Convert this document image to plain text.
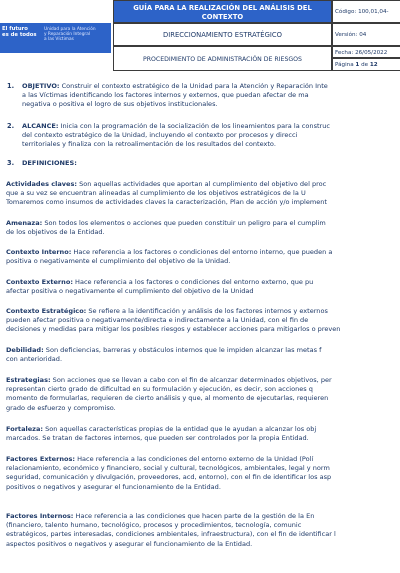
El futuro
es de todos
Unidad para la Atención
y Reparación Integral
a las Víctimas
GUÍA PARA LA REALIZACIÓN DEL ANÁLISIS DEL
CONTEXTO
DIRECCIONAMIENTO ESTRATÉGICO
PROCEDIMIENTO DE ADMINISTRACIÓN DE RIESGOS
Código: 100,01,04-
Versión: 04
Fecha: 26/05/2022
Página 1 de 12
1. OBJETIVO: Construir el contexto estratégico de la Unidad para la Atención y Reparación Inte
a las Víctimas identificando los factores internos y externos, que puedan afectar de ma
negativa o positiva el logro de sus objetivos institucionales.
2. ALCANCE: Inicia con la programación de la socialización de los lineamientos para la construc
del contexto estratégico de la Unidad, incluyendo el contexto por procesos y direcci
territoriales y finaliza con la retroalimentación de los resultados del contexto.
3. DEFINICIONES:
Actividades claves: Son aquellas actividades que aportan al cumplimiento del objetivo del proc
que a su vez se encuentran alineadas al cumplimiento de los objetivos estratégicos de la U
Tomaremos como insumos de actividades claves la caracterización, Plan de acción y/o implement
Amenaza: Son todos los elementos o acciones que pueden constituir un peligro para el cumplim
de los objetivos de la Entidad.
Contexto Interno: Hace referencia a los factores o condiciones del entorno interno, que pueden a
positiva o negativamente el cumplimiento del objetivo de la Unidad.
Contexto Externo: Hace referencia a los factores o condiciones del entorno externo, que pu
afectar positiva o negativamente el cumplimiento del objetivo de la Unidad
Contexto Estratégico: Se refiere a la identificación y análisis de los factores internos y externos
pueden afectar positiva o negativamente/directa e indirectamente a la Unidad, con el fin de
decisiones y medidas para mitigar los posibles riesgos y establecer acciones para mitigarlos o preven
Debilidad: Son deficiencias, barreras y obstáculos internos que le impiden alcanzar las metas f
con anterioridad.
Estrategias: Son acciones que se llevan a cabo con el fin de alcanzar determinados objetivos, per
representan cierto grado de dificultad en su formulación y ejecución, es decir, son acciones q
momento de formularlas, requieren de cierto análisis y que, al momento de ejecutarlas, requieren
grado de esfuerzo y compromiso.
Fortaleza: Son aquellas características propias de la entidad que le ayudan a alcanzar los obj
marcados. Se tratan de factores internos, que pueden ser controlados por la propia Entidad.
Factores Externos: Hace referencia a las condiciones del entorno externo de la Unidad (Polí
relacionamiento, económico y financiero, social y cultural, tecnológicos, ambientales, legal y norm
seguridad, comunicación y divulgación, proveedores, acd, entorno), con el fin de identificar los asp
positivos o negativos y asegurar el funcionamiento de la Entidad.
Factores Internos: Hace referencia a las condiciones que hacen parte de la gestión de la En
(financiero, talento humano, tecnológico, procesos y procedimientos, tecnología, comunic
estratégicos, partes interesadas, condiciones ambientales, infraestructura), con el fin de identificar l
aspectos positivos o negativos y asegurar el funcionamiento de la Entidad.
